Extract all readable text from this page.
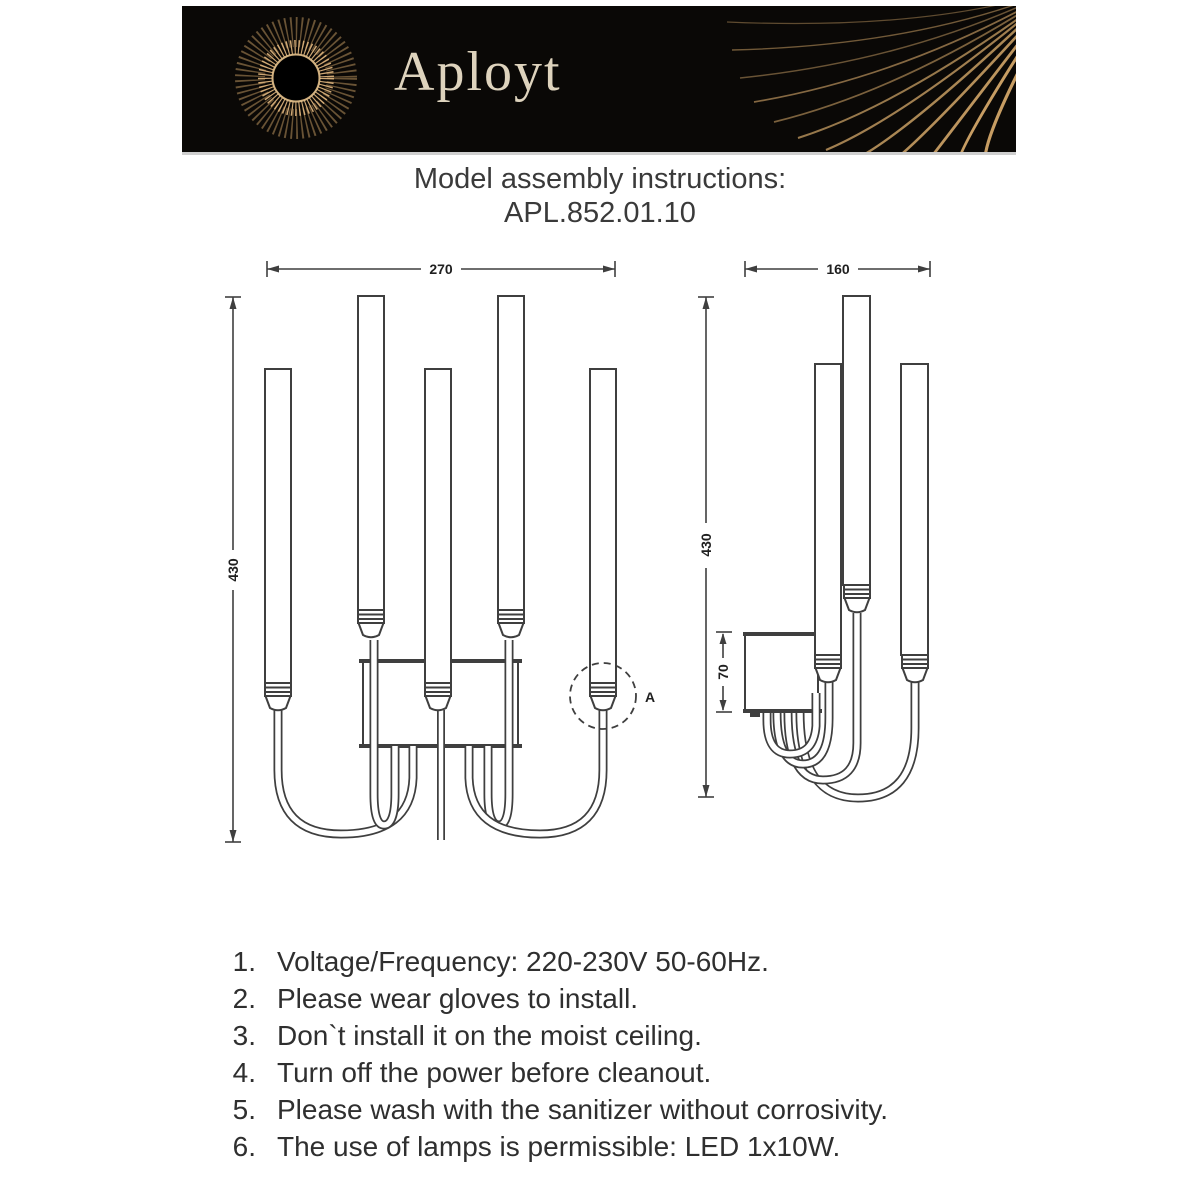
Aployt
Model assembly instructions:
APL.852.01.10
270
430
A
160
430
70
1. Voltage/Frequency: 220-230V 50-60Hz.
2. Please wear gloves to install.
3. Don`t install it on the moist ceiling.
4. Turn off the power before cleanout.
5. Please wash with the sanitizer without corrosivity.
6. The use of lamps is permissible: LED 1x10W.
